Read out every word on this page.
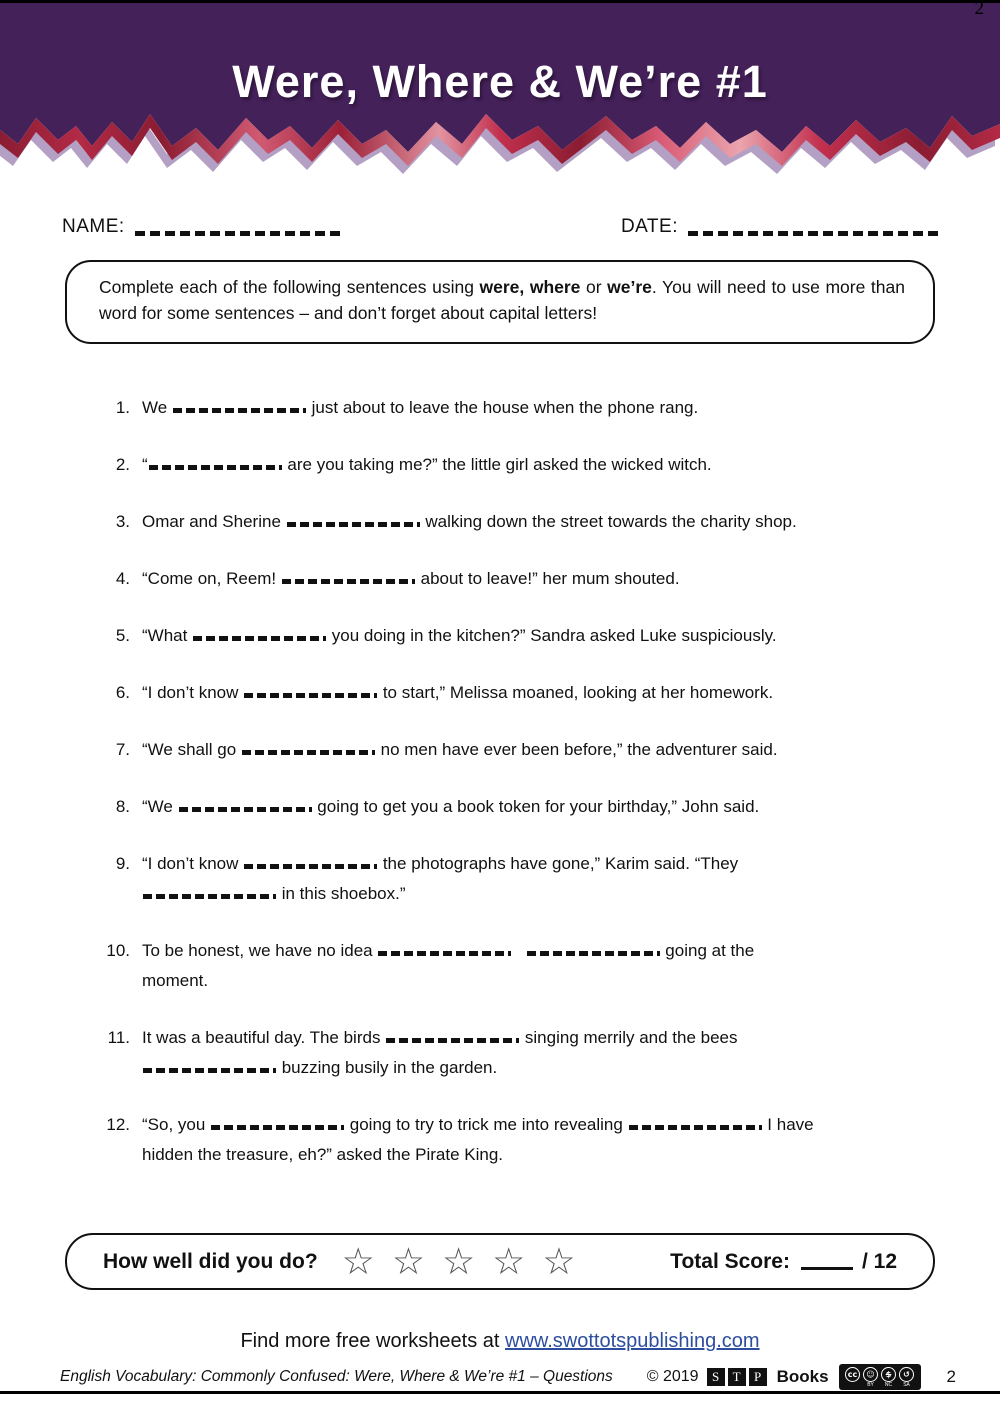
Were, Where & We’re #1
2
NAME:	DATE:
Complete each of the following sentences using were, where or we’re. You will need to use more than word for some sentences – and don’t forget about capital letters!
1. We	just about to leave the house when the phone rang.
2. “	are you taking me?” the little girl asked the wicked witch.
3. Omar and Sherine	walking down the street towards the charity shop.
4. “Come on, Reem!	about to leave!” her mum shouted.
5. “What	you doing in the kitchen?” Sandra asked Luke suspiciously.
6. “I don’t know	to start,” Melissa moaned, looking at her homework.
7. “We shall go	no men have ever been before,” the adventurer said.
8. “We	going to get you a book token for your birthday,” John said.
9. “I don’t know	the photographs have gone,” Karim said. “They
in this shoebox.”
10. To be honest, we have no idea   	going at the
moment.
11. It was a beautiful day. The birds	singing merrily and the bees
buzzing busily in the garden.
12. “So, you	going to try to trick me into revealing	I have
hidden the treasure, eh?” asked the Pirate King.
How well did you do? ☆ ☆ ☆ ☆ ☆	Total Score:	/ 12
Find more free worksheets at www.swottotspublishing.com
English Vocabulary: Commonly Confused: Were, Where & We’re #1 – Questions © 2019	S	T	P Books	cc	☺
BY
$
NC
↺
SA 2
